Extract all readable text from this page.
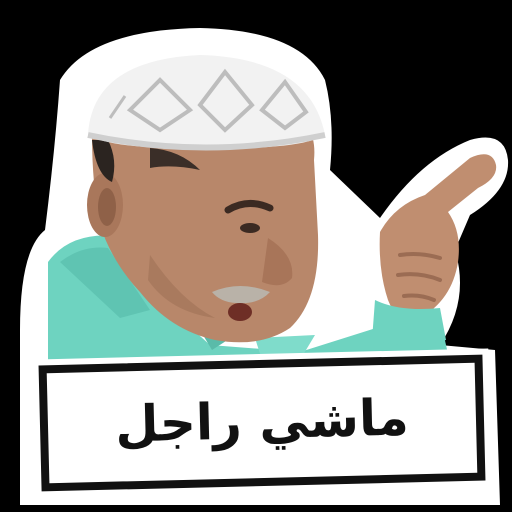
ماشي راجل
